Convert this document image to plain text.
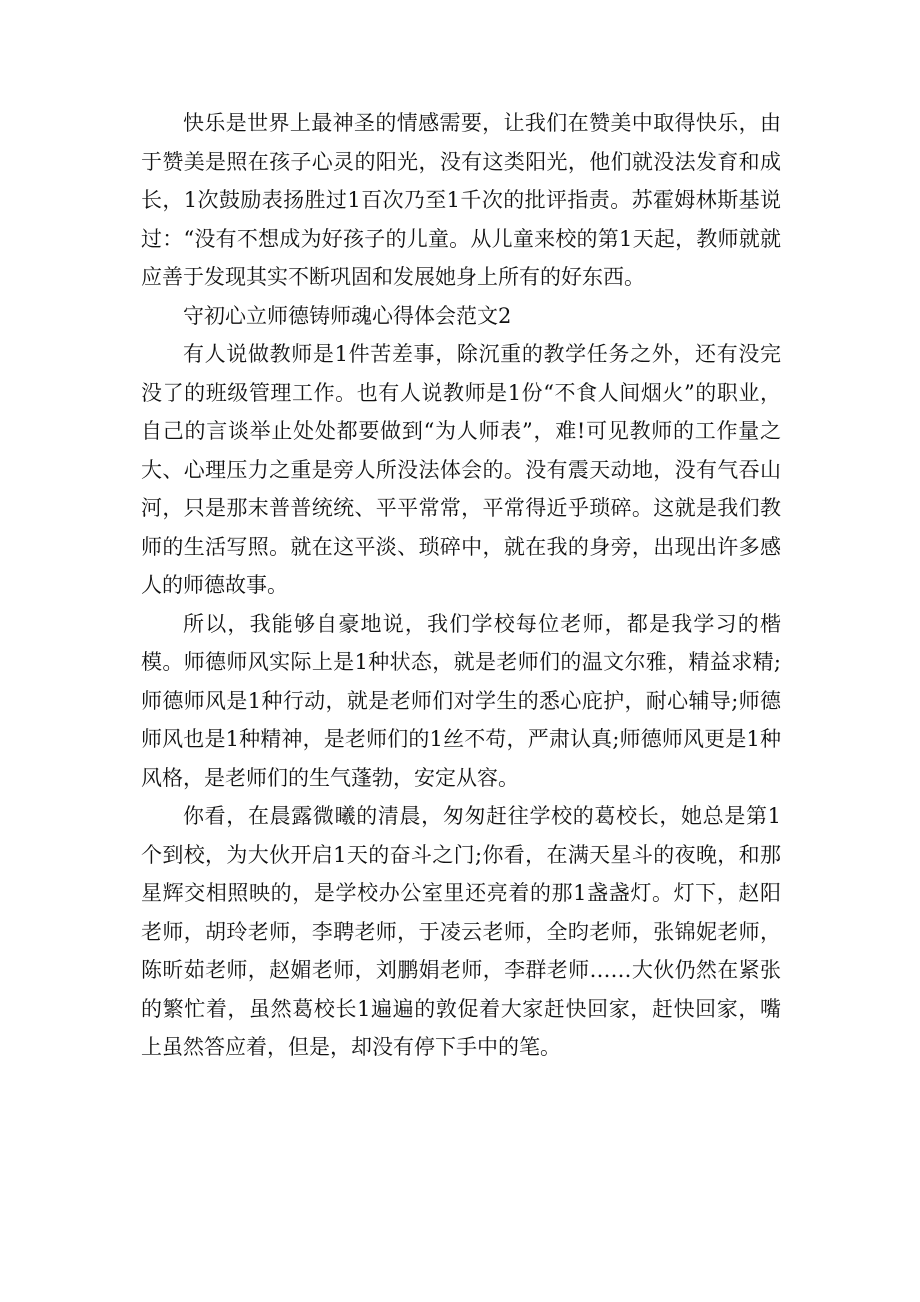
快乐是世界上最神圣的情感需要，让我们在赞美中取得快乐，由于赞美是照在孩子心灵的阳光，没有这类阳光，他们就没法发育和成长，1次鼓励表扬胜过1百次乃至1千次的批评指责。苏霍姆林斯基说过：“没有不想成为好孩子的儿童。从儿童来校的第1天起，教师就就应善于发现其实不断巩固和发展她身上所有的好东西。

守初心立师德铸师魂心得体会范文2

有人说做教师是1件苦差事，除沉重的教学任务之外，还有没完没了的班级管理工作。也有人说教师是1份“不食人间烟火”的职业，自己的言谈举止处处都要做到“为人师表”，难!可见教师的工作量之大、心理压力之重是旁人所没法体会的。没有震天动地，没有气吞山河，只是那末普普统统、平平常常，平常得近乎琐碎。这就是我们教师的生活写照。就在这平淡、琐碎中，就在我的身旁，出现出许多感人的师德故事。

所以，我能够自豪地说，我们学校每位老师，都是我学习的楷模。师德师风实际上是1种状态，就是老师们的温文尔雅，精益求精;师德师风是1种行动，就是老师们对学生的悉心庇护，耐心辅导;师德师风也是1种精神，是老师们的1丝不苟，严肃认真;师德师风更是1种风格，是老师们的生气蓬勃，安定从容。

你看，在晨露微曦的清晨，匆匆赶往学校的葛校长，她总是第1个到校，为大伙开启1天的奋斗之门;你看，在满天星斗的夜晚，和那星辉交相照映的，是学校办公室里还亮着的那1盏盏灯。灯下，赵阳老师，胡玲老师，李聘老师，于凌云老师，全昀老师，张锦妮老师，陈昕茹老师，赵媚老师，刘鹏娟老师，李群老师……大伙仍然在紧张的繁忙着，虽然葛校长1遍遍的敦促着大家赶快回家，赶快回家，嘴上虽然答应着，但是，却没有停下手中的笔。
